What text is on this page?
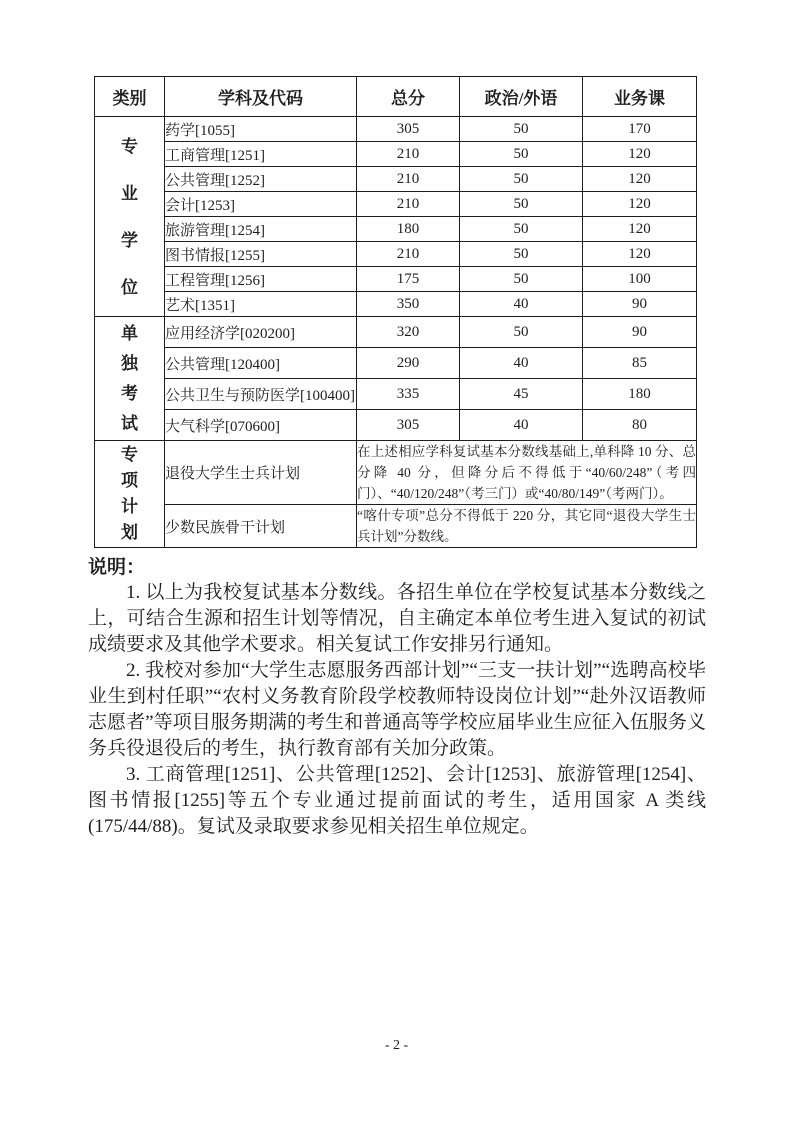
类别	学科及代码	总分	政治/外语	业务课
专业学位	药学[1055]	305	50	170
	工商管理[1251]	210	50	120
	公共管理[1252]	210	50	120
	会计[1253]	210	50	120
	旅游管理[1254]	180	50	120
	图书情报[1255]	210	50	120
	工程管理[1256]	175	50	100
	艺术[1351]	350	40	90
单独考试	应用经济学[020200]	320	50	90
	公共管理[120400]	290	40	85
	公共卫生与预防医学[100400]	335	45	180
	大气科学[070600]	305	40	80
专项计划	退役大学生士兵计划	在上述相应学科复试基本分数线基础上,单科降 10 分、总分降 40 分，但降分后不得低于“40/60/248”（考四门）、“40/120/248”（考三门）或“40/80/149”（考两门）。		
	少数民族骨干计划	“喀什专项”总分不得低于 220 分，其它同“退役大学生士兵计划”分数线。		
说明：

1. 以上为我校复试基本分数线。各招生单位在学校复试基本分数线之上，可结合生源和招生计划等情况，自主确定本单位考生进入复试的初试成绩要求及其他学术要求。相关复试工作安排另行通知。

2. 我校对参加“大学生志愿服务西部计划”“三支一扶计划”“选聘高校毕业生到村任职”“农村义务教育阶段学校教师特设岗位计划”“赴外汉语教师志愿者”等项目服务期满的考生和普通高等学校应届毕业生应征入伍服务义务兵役退役后的考生，执行教育部有关加分政策。

3. 工商管理[1251]、公共管理[1252]、会计[1253]、旅游管理[1254]、图书情报[1255]等五个专业通过提前面试的考生，适用国家 A 类线(175/44/88)。复试及录取要求参见相关招生单位规定。

- 2 -
